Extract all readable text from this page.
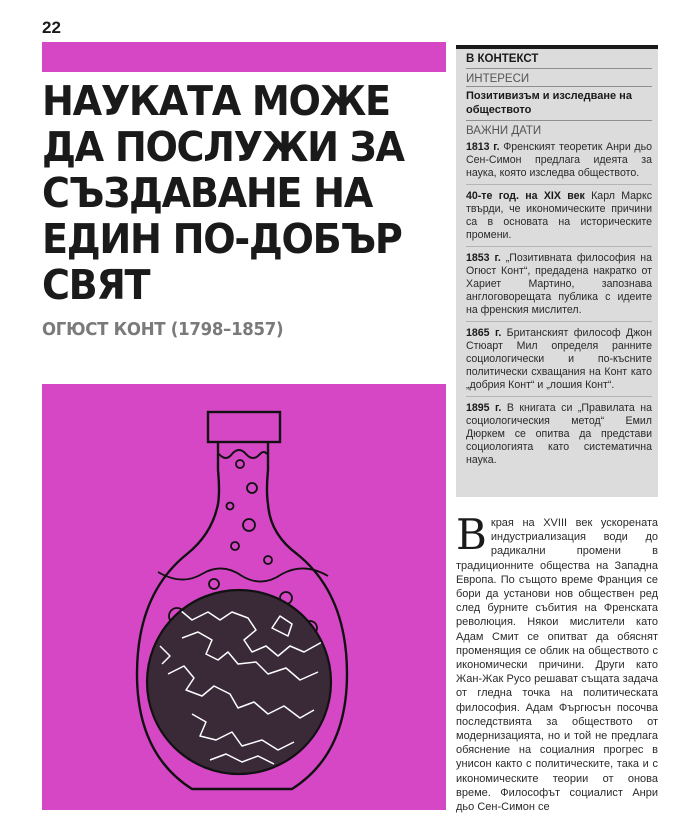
22
НАУКАТА МОЖЕ ДА ПОСЛУЖИ ЗА СЪЗДАВАНЕ НА ЕДИН ПО-ДОБЪР СВЯТ
ОГЮСТ КОНТ (1798–1857)
В КОНТЕКСТ
ИНТЕРЕСИ
Позитивизъм и изследване на обществото
ВАЖНИ ДАТИ
1813 г. Френският теоретик Анри дьо Сен-Симон предлага идеята за наука, която изследва обществото.
40-те год. на XIX век Карл Маркс твърди, че икономическите причини са в основата на историческите промени.
1853 г. „Позитивната философия на Огюст Конт“, предадена накратко от Хариет Мартино, запознава англоговорещата публика с идеите на френския мислител.
1865 г. Британският философ Джон Стюарт Мил определя ранните социологически и по-късните политически схващания на Конт като „добрия Конт“ и „лошия Конт“.
1895 г. В книгата си „Правилата на социологическия метод“ Емил Дюркем се опитва да представи социологията като систематична наука.
В края на XVIII век ускорената индустриализация води до радикални промени в традиционните общества на Западна Европа. По същото време Франция се бори да установи нов обществен ред след бурните събития на Френската революция. Някои мислители като Адам Смит се опитват да обяснят променящия се облик на обществото с икономически причини. Други като Жан-Жак Русо решават същата задача от гледна точка на политическата философия. Адам Фъргюсън посочва последствията за обществото от модернизацията, но и той не предлага обяснение на социалния прогрес в унисон както с политическите, така и с икономическите теории от онова време. Философът социалист Анри дьо Сен-Симон се
